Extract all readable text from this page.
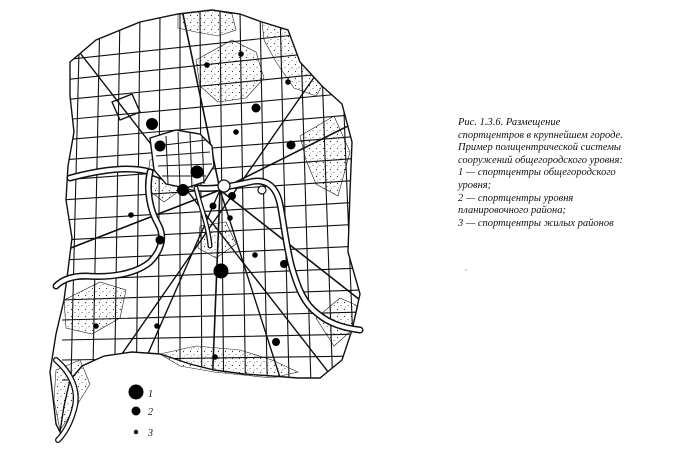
1
2
3
Рис. 1.3.6. Размещение
спортцентров в крупнейшем городе.
Пример полицентрической системы
сооружений общегородского уровня:
1 — спортцентры общегородского
уровня;
2 — спортцентры уровня
планировочного района;
3 — спортцентры жилых районов
